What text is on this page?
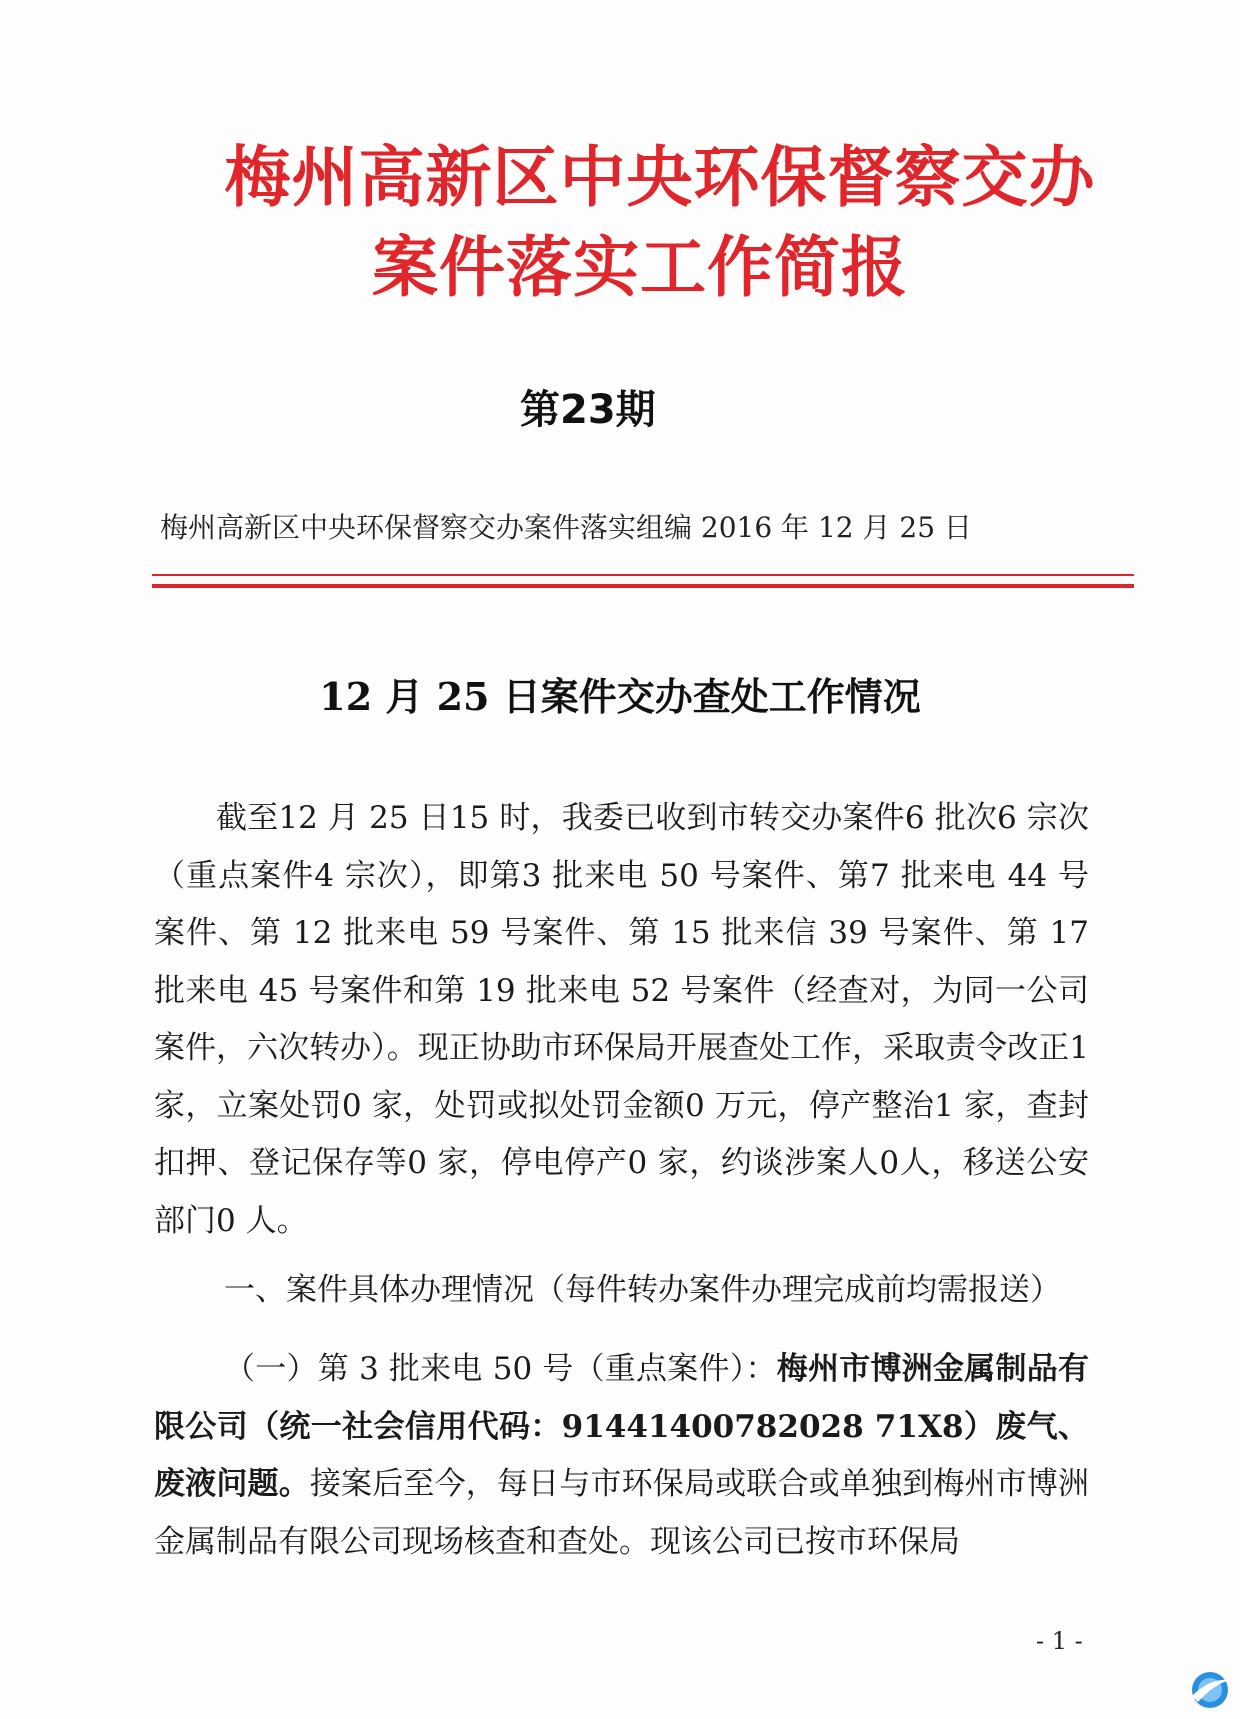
梅州高新区中央环保督察交办
案件落实工作简报
第23期
梅州高新区中央环保督察交办案件落实组编 2016 年 12 月 25 日
12 月 25 日案件交办查处工作情况
截至12 月 25 日15 时，我委已收到市转交办案件6 批次6 宗次（重点案件4 宗次），即第3 批来电 50 号案件、第7 批来电 44 号案件、第 12 批来电 59 号案件、第 15 批来信 39 号案件、第 17 批来电 45 号案件和第 19 批来电 52 号案件（经查对，为同一公司案件，六次转办）。现正协助市环保局开展查处工作，采取责令改正1 家，立案处罚0 家，处罚或拟处罚金额0 万元，停产整治1 家，查封扣押、登记保存等0 家，停电停产0 家，约谈涉案人0人，移送公安部门0 人。
一、案件具体办理情况（每件转办案件办理完成前均需报送）
（一）第 3 批来电 50 号（重点案件）：梅州市博洲金属制品有限公司（统一社会信用代码：91441400782028 71X8）废气、废液问题。接案后至今，每日与市环保局或联合或单独到梅州市博洲金属制品有限公司现场核查和查处。现该公司已按市环保局
- 1 -
